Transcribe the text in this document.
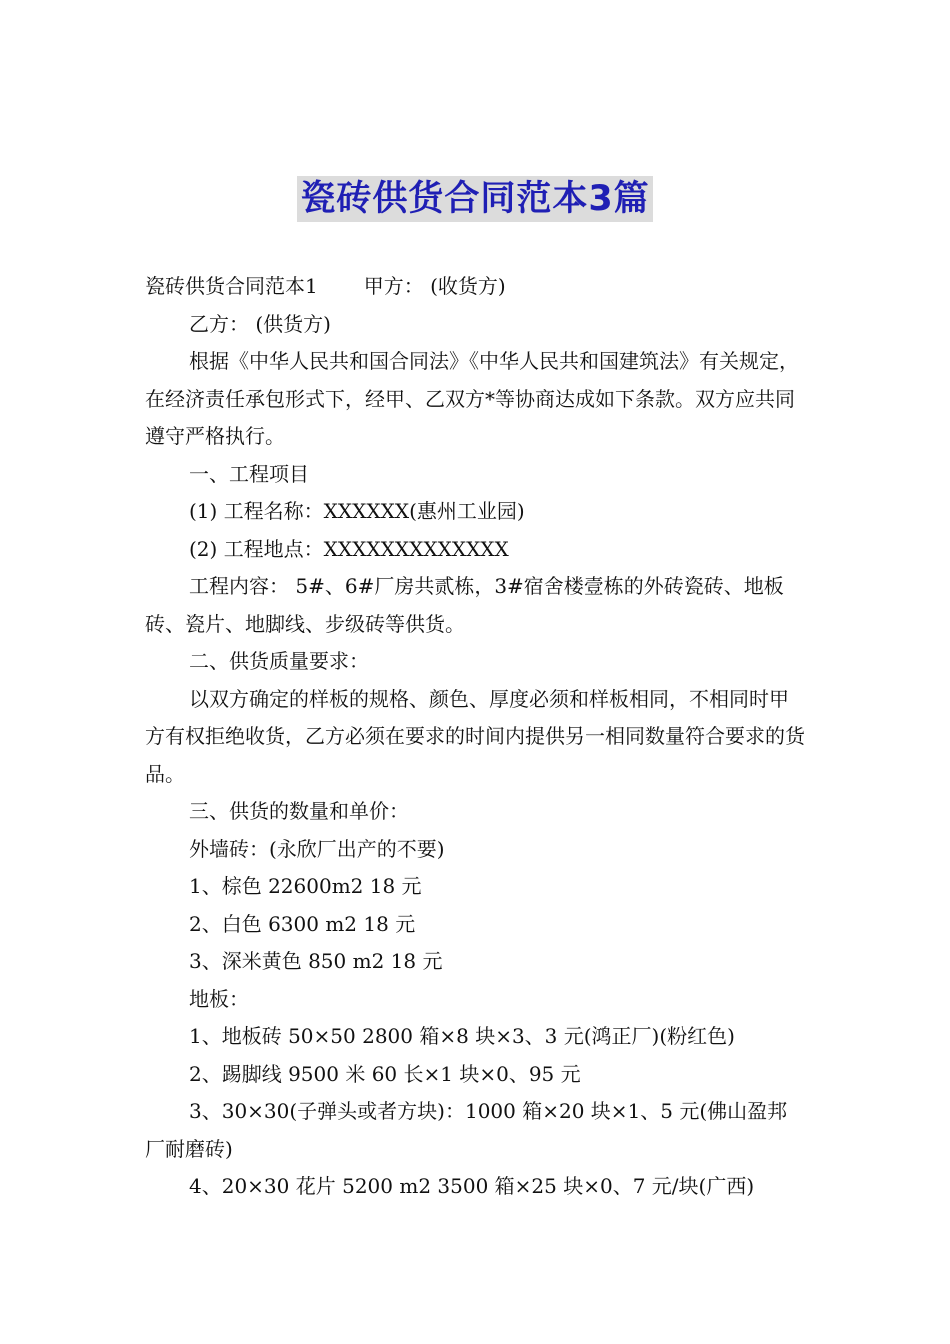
瓷砖供货合同范本3篇

瓷砖供货合同范本1 甲方： (收货方)

乙方： (供货方)

根据《中华人民共和国合同法》《中华人民共和国建筑法》有关规定，在经济责任承包形式下，经甲、乙双方*等协商达成如下条款。双方应共同遵守严格执行。

一、工程项目

(1) 工程名称：XXXXXX(惠州工业园)

(2) 工程地点：XXXXXXXXXXXXX

工程内容： 5#、6#厂房共贰栋，3#宿舍楼壹栋的外砖瓷砖、地板砖、瓷片、地脚线、步级砖等供货。

二、供货质量要求：

以双方确定的样板的规格、颜色、厚度必须和样板相同，不相同时甲方有权拒绝收货，乙方必须在要求的时间内提供另一相同数量符合要求的货品。

三、供货的数量和单价：

外墙砖：(永欣厂出产的不要)

1、棕色 22600m2 18 元

2、白色 6300 m2 18 元

3、深米黄色 850 m2 18 元

地板：

1、地板砖 50×50 2800 箱×8 块×3、3 元(鸿正厂)(粉红色)

2、踢脚线 9500 米 60 长×1 块×0、95 元

3、30×30(子弹头或者方块)：1000 箱×20 块×1、5 元(佛山盈邦厂耐磨砖)

4、20×30 花片 5200 m2 3500 箱×25 块×0、7 元/块(广西)
